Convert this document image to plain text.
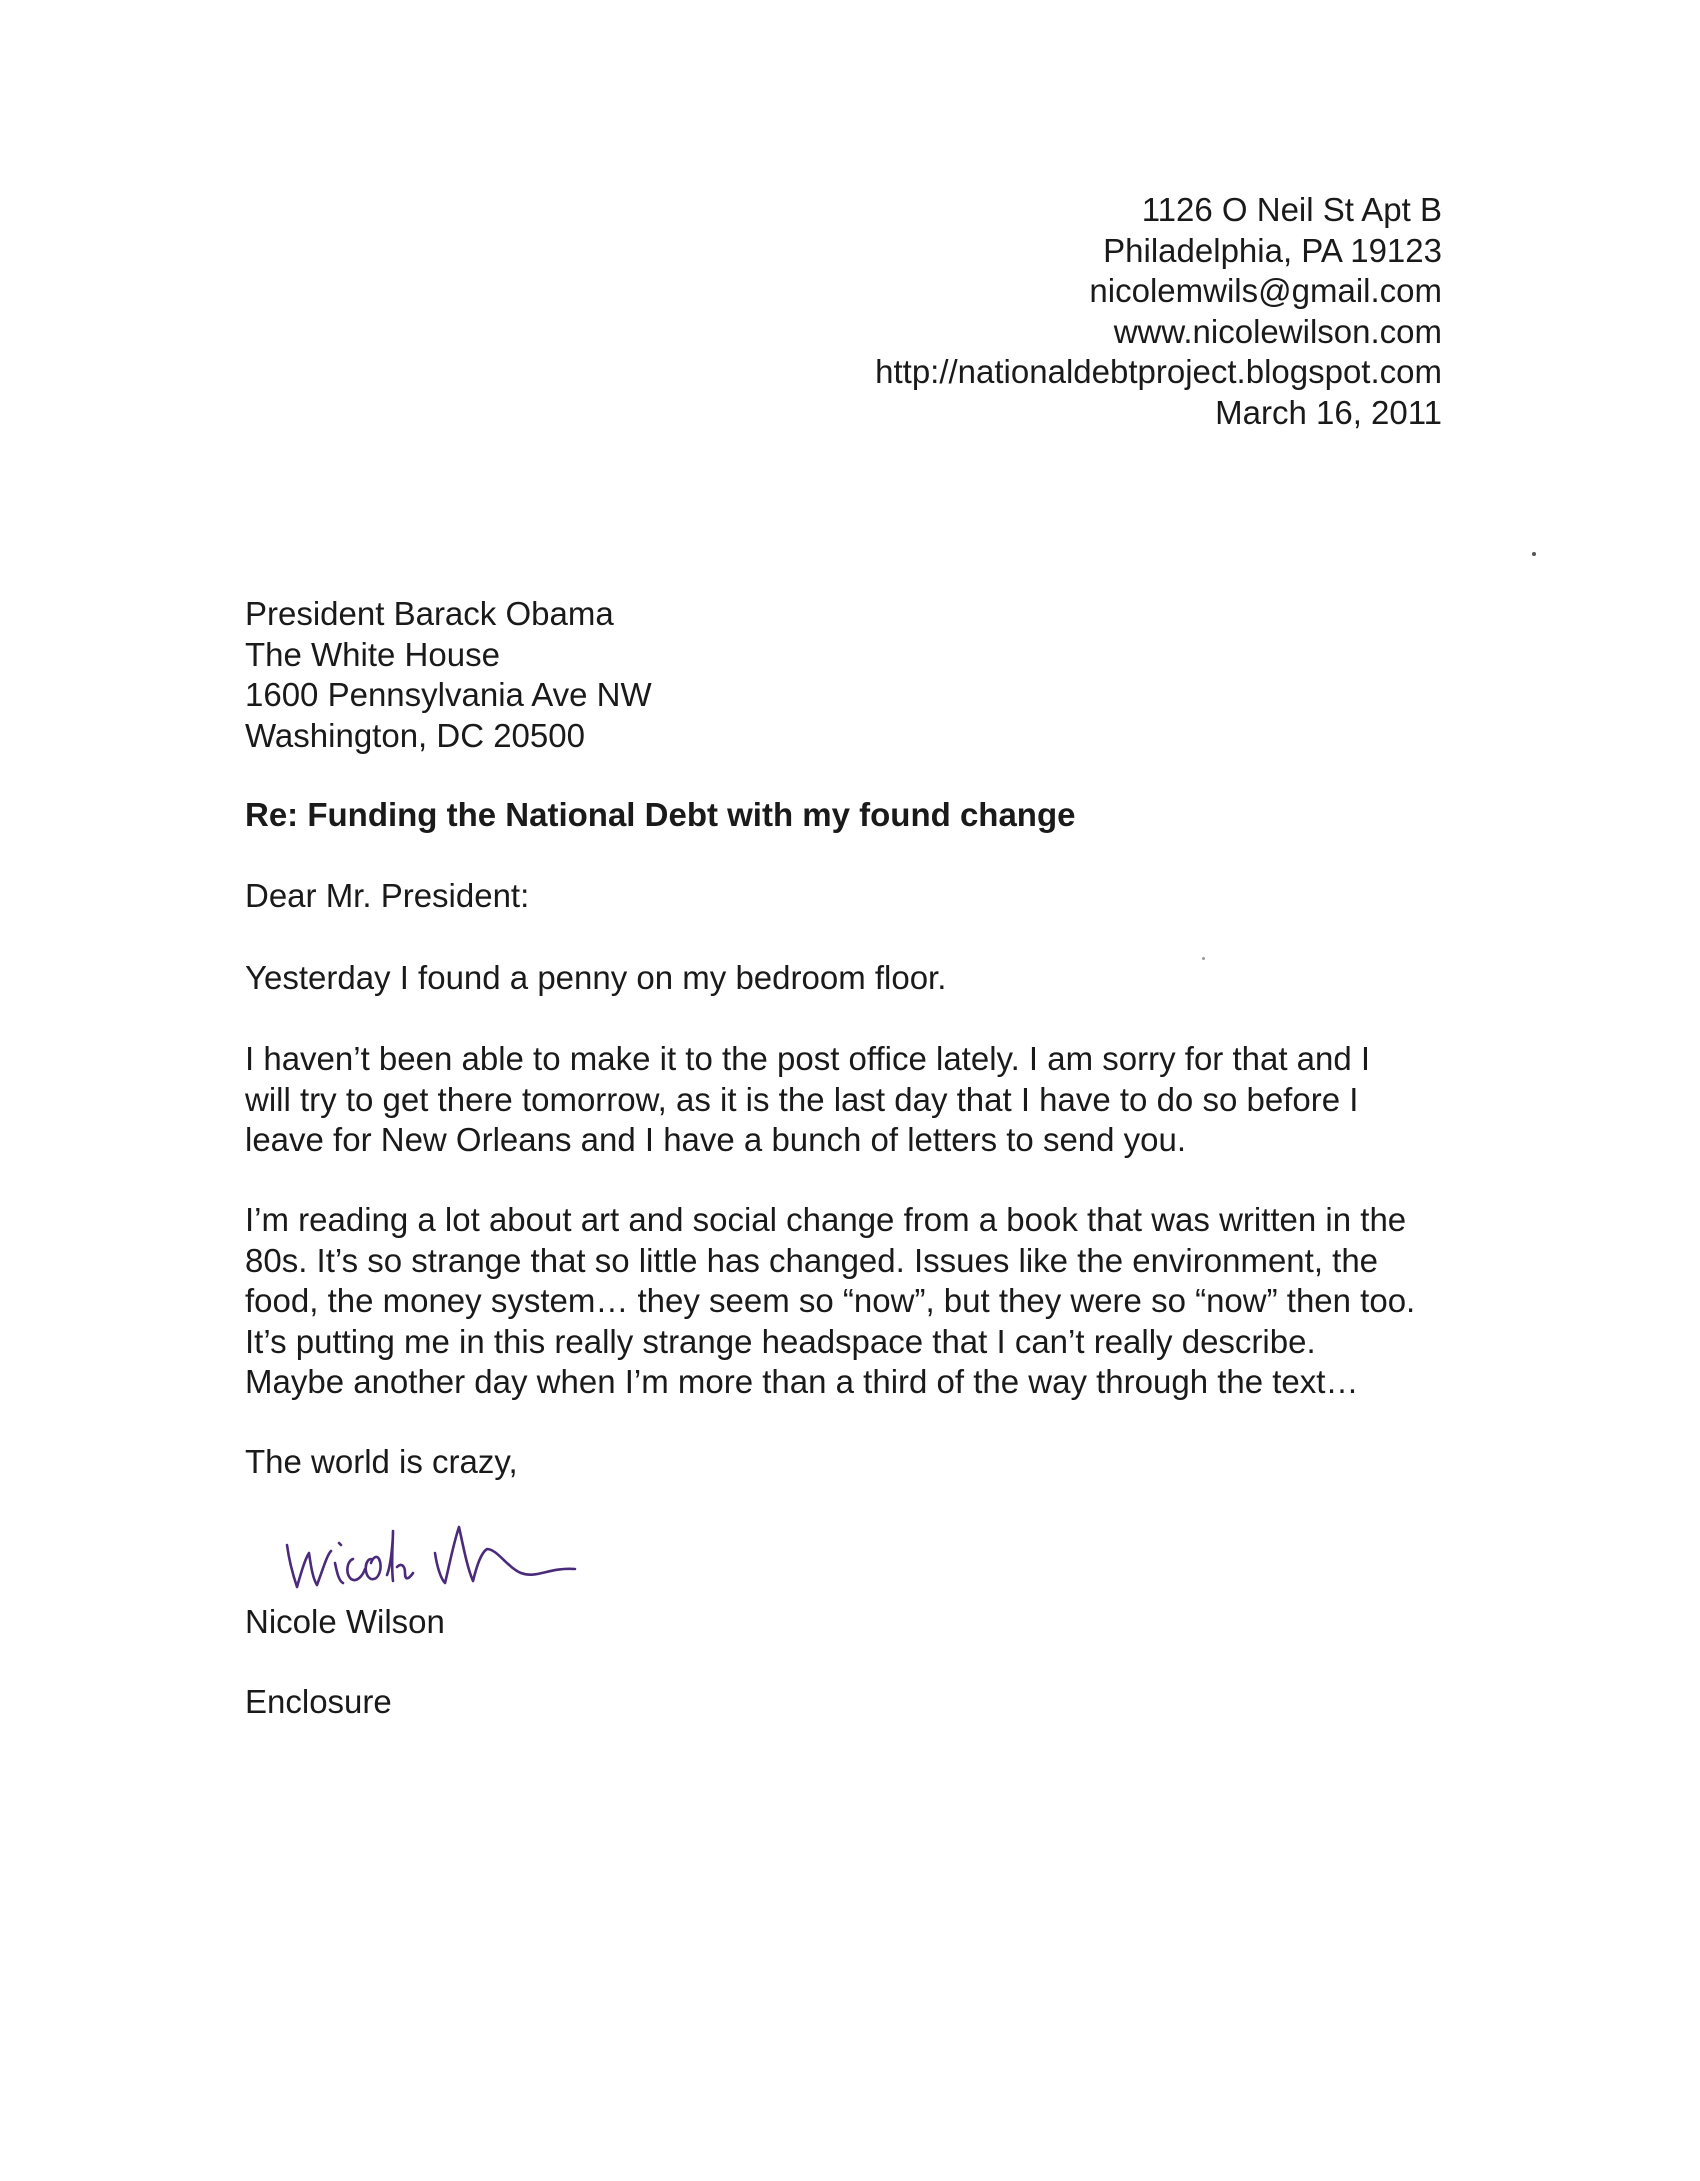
1126 O Neil St Apt B
Philadelphia, PA 19123
nicolemwils@gmail.com
www.nicolewilson.com
http://nationaldebtproject.blogspot.com
March 16, 2011
President Barack Obama
The White House
1600 Pennsylvania Ave NW
Washington, DC 20500
Re: Funding the National Debt with my found change
Dear Mr. President:
Yesterday I found a penny on my bedroom floor.
I haven’t been able to make it to the post office lately. I am sorry for that and I
will try to get there tomorrow, as it is the last day that I have to do so before I
leave for New Orleans and I have a bunch of letters to send you.
I’m reading a lot about art and social change from a book that was written in the
80s. It’s so strange that so little has changed. Issues like the environment, the
food, the money system… they seem so “now”, but they were so “now” then too.
It’s putting me in this really strange headspace that I can’t really describe.
Maybe another day when I’m more than a third of the way through the text…
The world is crazy,
Nicole Wilson
Enclosure
